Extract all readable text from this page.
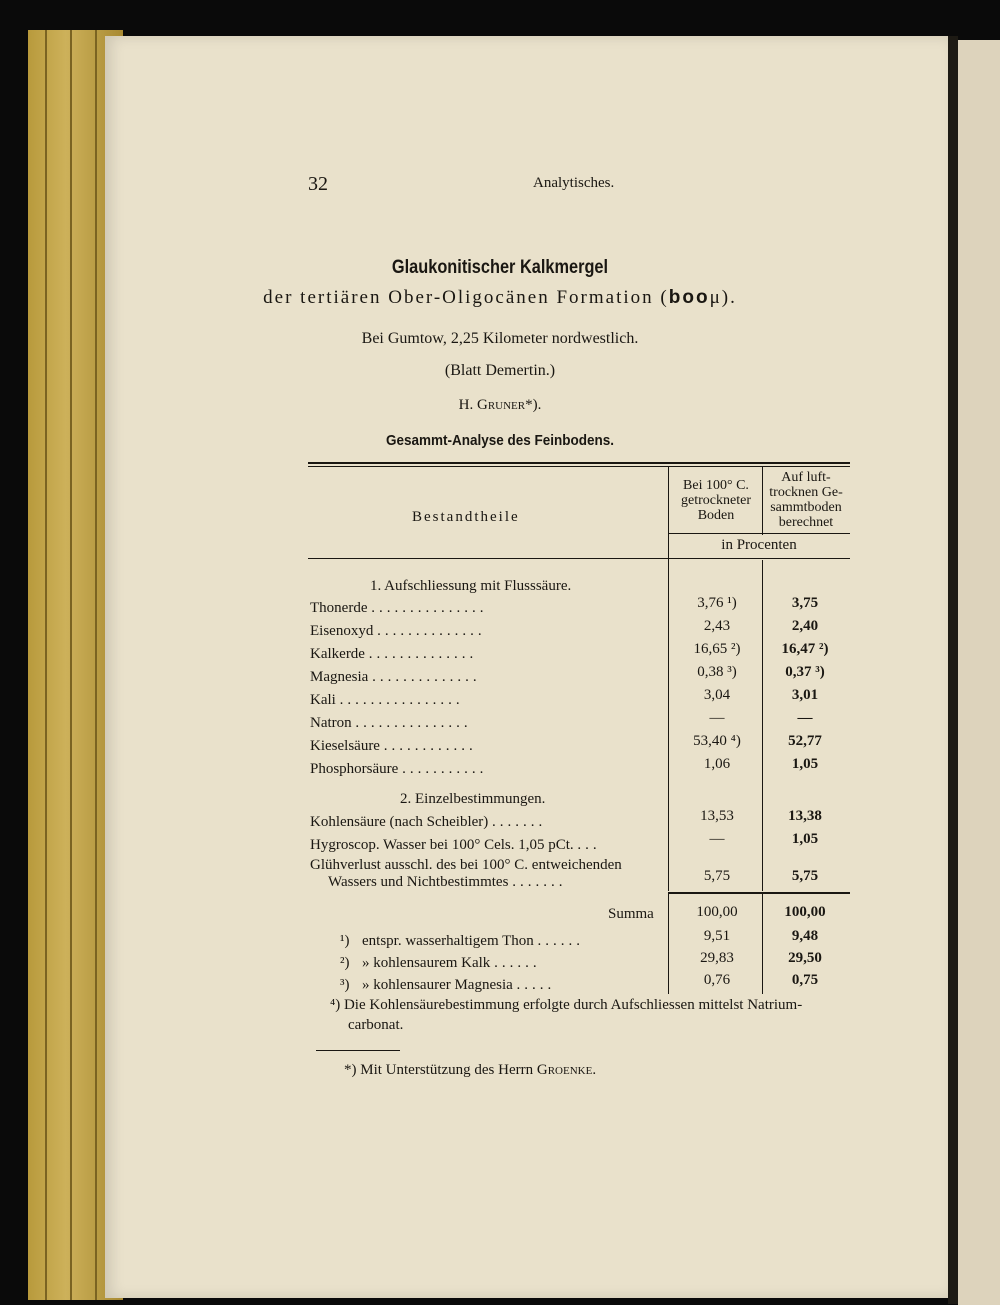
32	Analytisches.
Glaukonitischer Kalkmergel
der tertiären Ober-Oligocänen Formation (booμ).
Bei Gumtow, 2,25 Kilometer nordwestlich.
(Blatt Demertin.)
H. Gruner*).
Gesammt-Analyse des Feinbodens.
Bestandtheile
Bei 100° C. getrockneter Boden
Auf luft-trocknen Ge-sammtboden berechnet
in Procenten
1. Aufschliessung mit Flusssäure.
Thonerde ...............	3,76 ¹)	3,75
Eisenoxyd ..............	2,43	2,40
Kalkerde ..............	16,65 ²)	16,47 ²)
Magnesia ..............	0,38 ³)	0,37 ³)
Kali ................	3,04	3,01
Natron ...............	—	—
Kieselsäure ............	53,40 ⁴)	52,77
Phosphorsäure ...........	1,06	1,05
2. Einzelbestimmungen.
Kohlensäure (nach Scheibler) .......	13,53	13,38
Hygroscop. Wasser bei 100° Cels. 1,05 pCt. ...	—	1,05
Glühverlust ausschl. des bei 100° C. entweichenden
Wassers und Nichtbestimmtes .......	5,75	5,75
Summa	100,00	100,00
¹) entspr. wasserhaltigem Thon ......	9,51	9,48
²) » kohlensaurem Kalk ......	29,83	29,50
³) » kohlensaurer Magnesia .....	0,76	0,75
⁴) Die Kohlensäurebestimmung erfolgte durch Aufschliessen mittelst Natrium-
carbonat.
*) Mit Unterstützung des Herrn Groenke.
